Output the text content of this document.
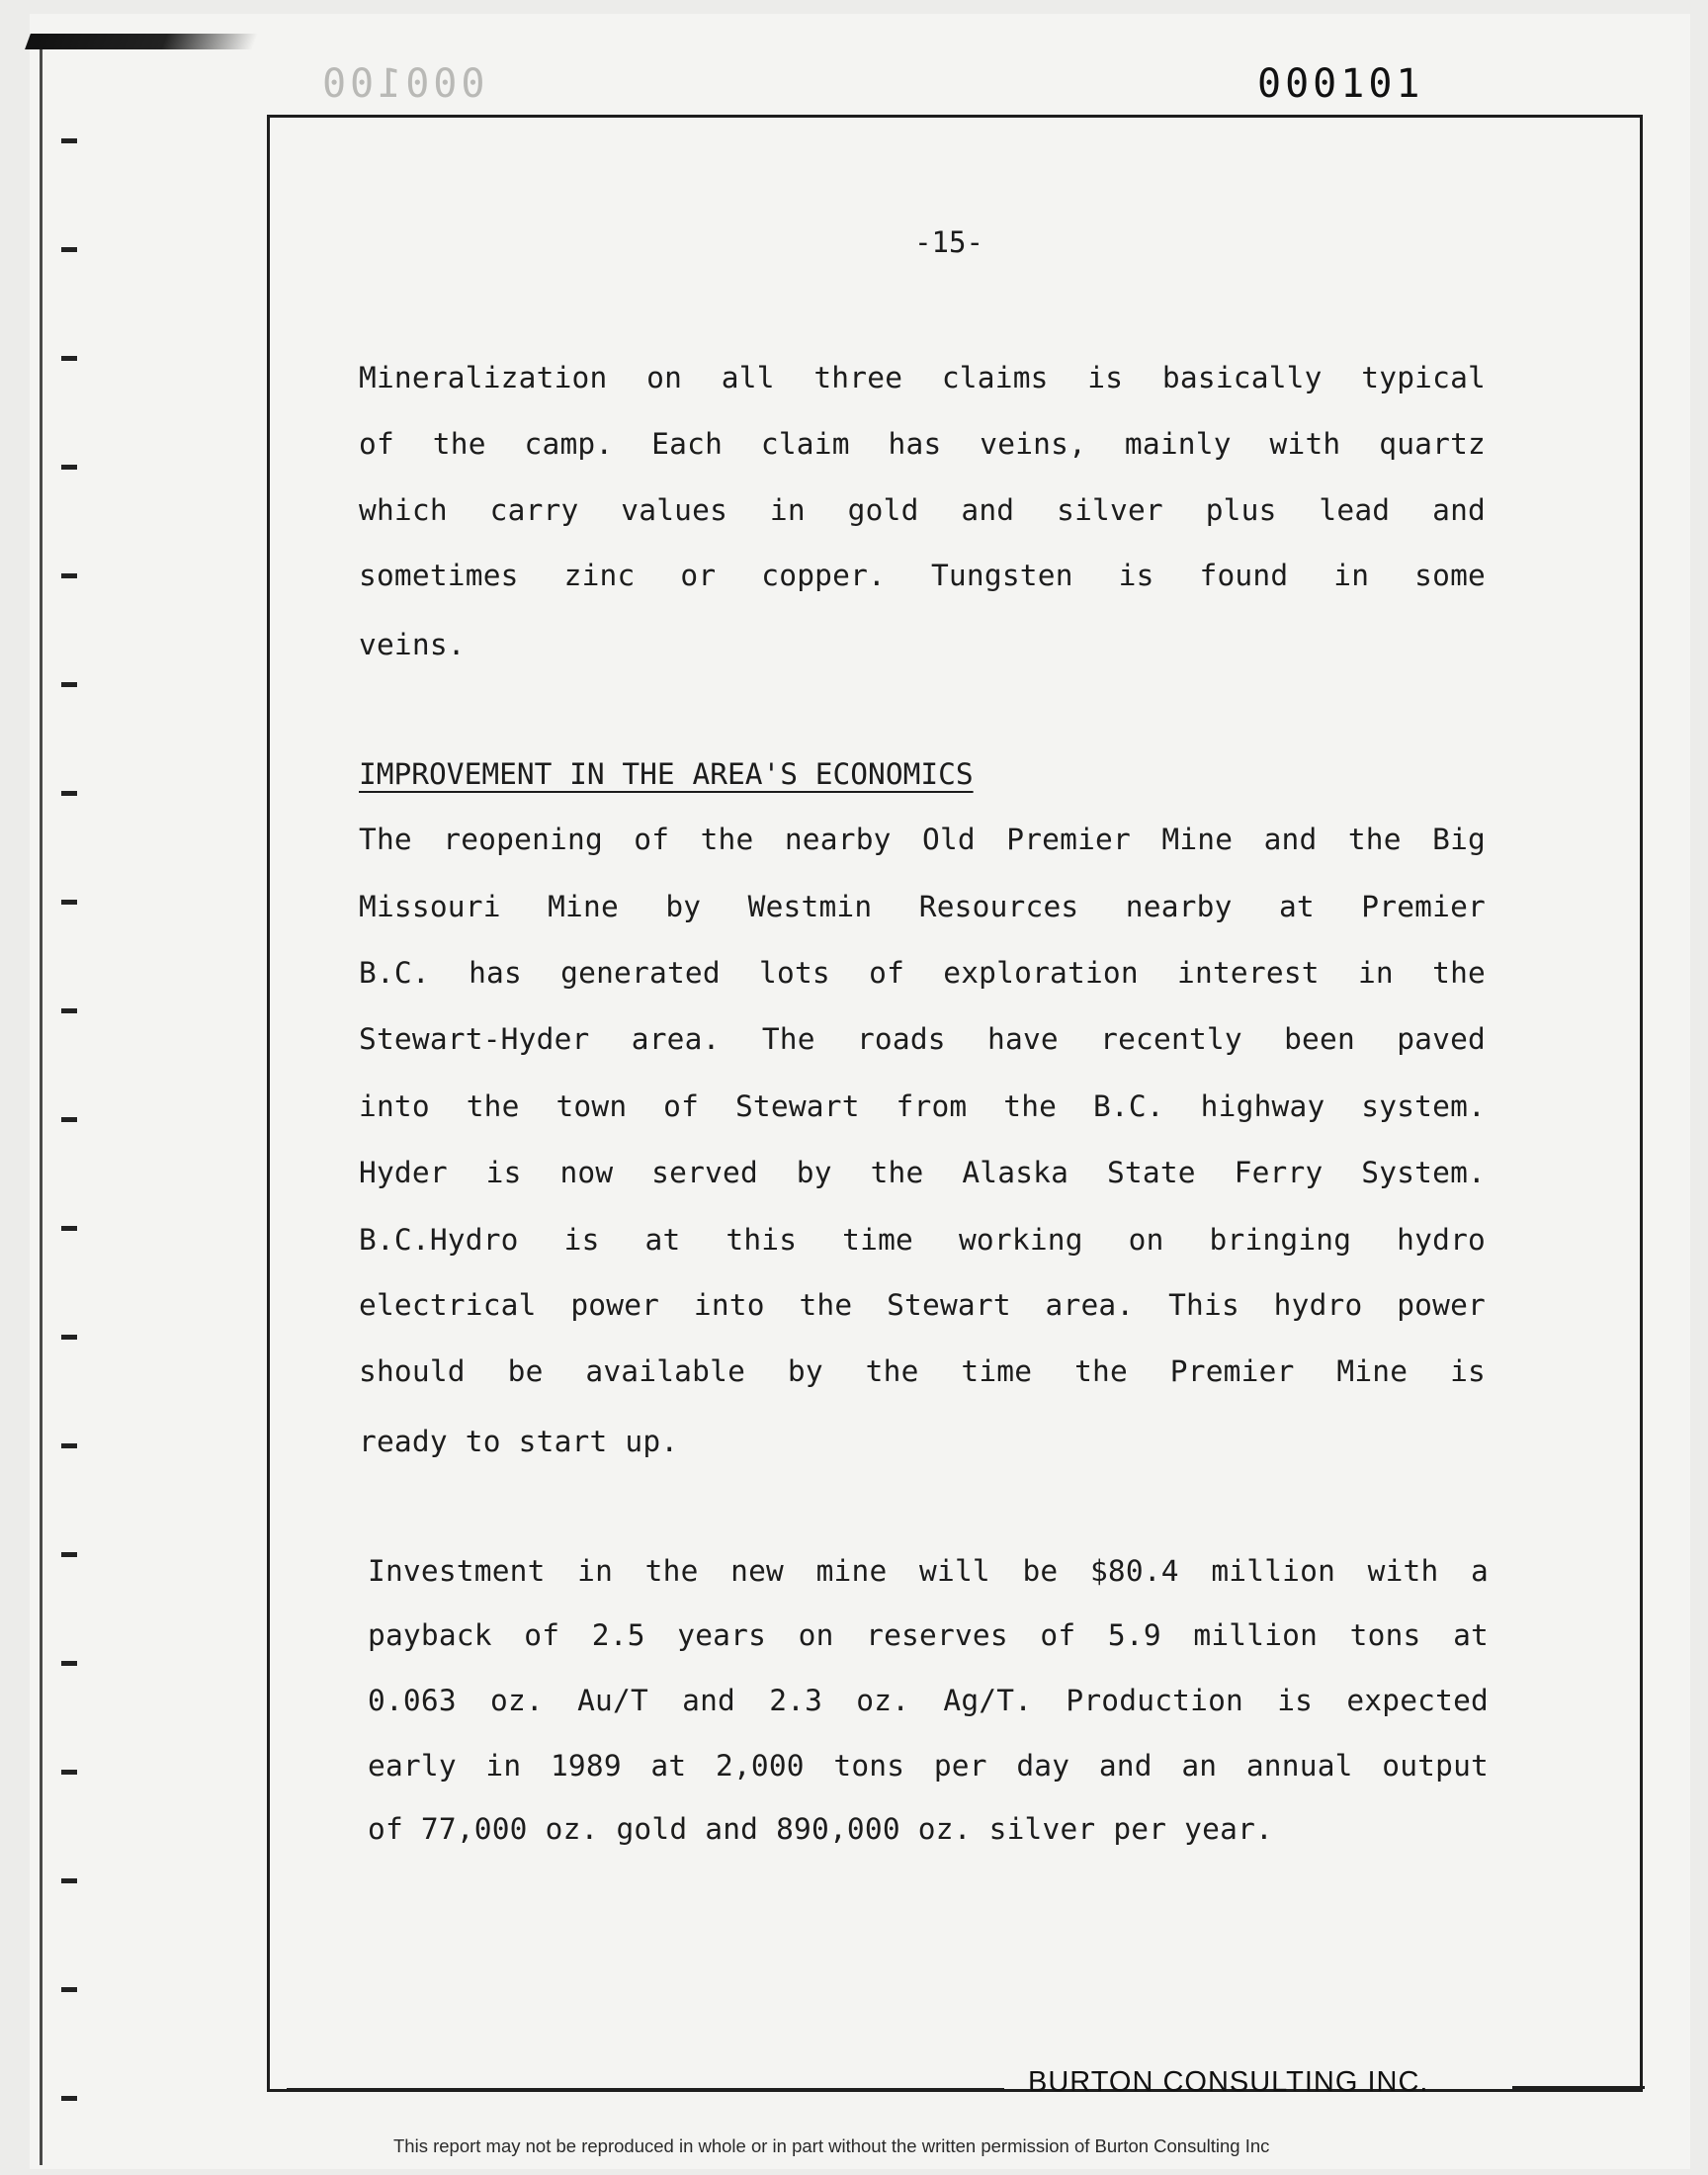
000100	000101
-15-
Mineralization on all three claims is basically typical
of the camp. Each claim has veins, mainly with quartz
which carry values in gold and silver plus lead and
sometimes zinc or copper. Tungsten is found in some
veins.
IMPROVEMENT IN THE AREA'S ECONOMICS
The reopening of the nearby Old Premier Mine and the Big
Missouri Mine by Westmin Resources nearby at Premier
B.C. has generated lots of exploration interest in the
Stewart-Hyder area. The roads have recently been paved
into the town of Stewart from the B.C. highway system.
Hyder is now served by the Alaska State Ferry System.
B.C.Hydro is at this time working on bringing hydro
electrical power into the Stewart area. This hydro power
should be available by the time the Premier Mine is
ready to start up.
Investment in the new mine will be $80.4 million with a
payback of 2.5 years on reserves of 5.9 million tons at
0.063 oz. Au/T and 2.3 oz. Ag/T. Production is expected
early in 1989 at 2,000 tons per day and an annual output
of 77,000 oz. gold and 890,000 oz. silver per year.
BURTON CONSULTING INC.
This report may not be reproduced in whole or in part without the written permission of Burton Consulting Inc
